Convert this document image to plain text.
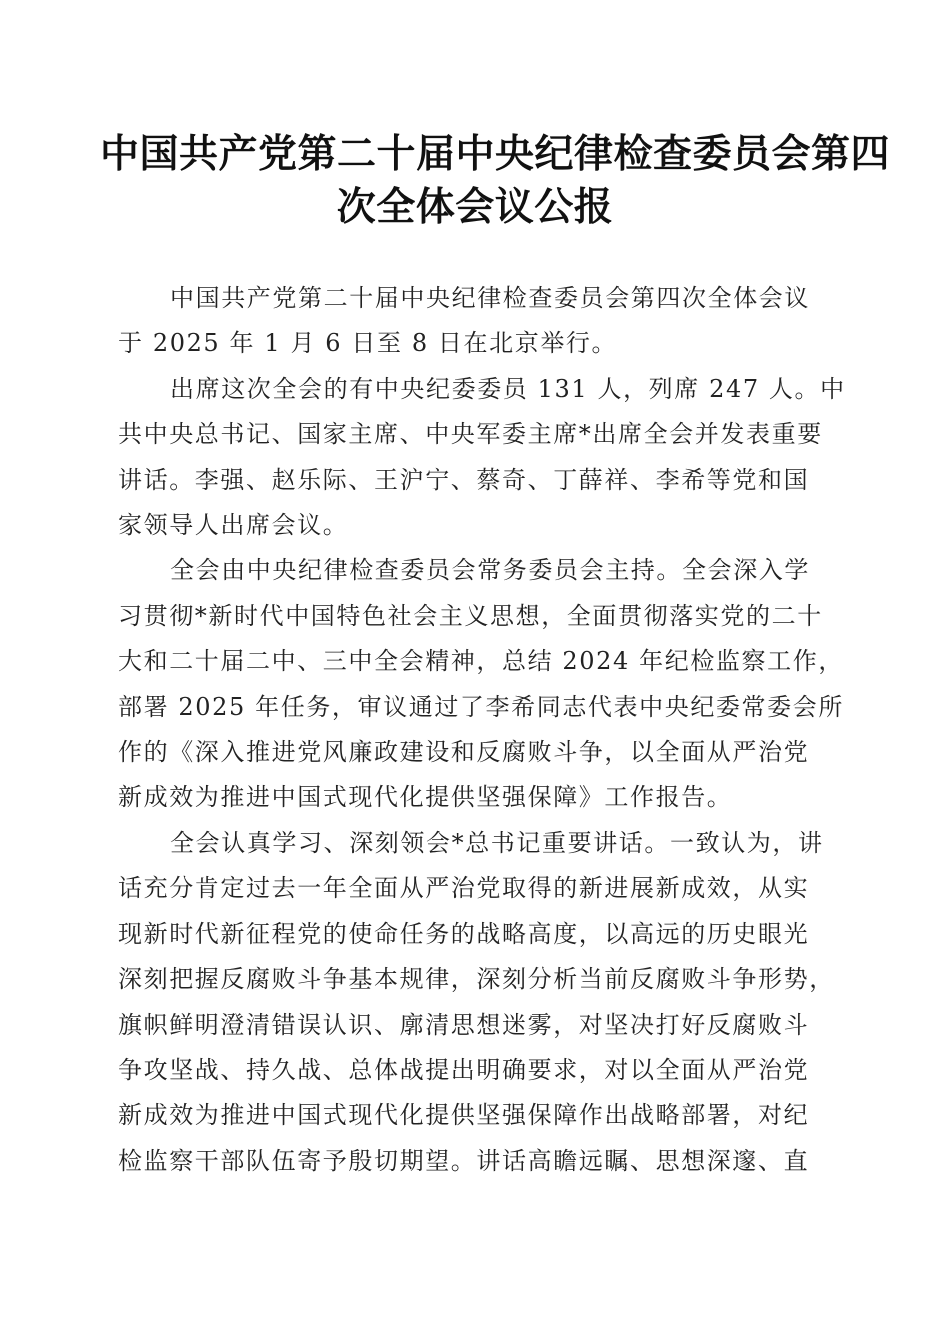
中国共产党第二十届中央纪律检查委员会第四
次全体会议公报

中国共产党第二十届中央纪律检查委员会第四次全体会议
于 2025 年 1 月 6 日至 8 日在北京举行。

出席这次全会的有中央纪委委员 131 人，列席 247 人。中
共中央总书记、国家主席、中央军委主席*出席全会并发表重要
讲话。李强、赵乐际、王沪宁、蔡奇、丁薛祥、李希等党和国
家领导人出席会议。

全会由中央纪律检查委员会常务委员会主持。全会深入学
习贯彻*新时代中国特色社会主义思想，全面贯彻落实党的二十
大和二十届二中、三中全会精神，总结 2024 年纪检监察工作，
部署 2025 年任务，审议通过了李希同志代表中央纪委常委会所
作的《深入推进党风廉政建设和反腐败斗争，以全面从严治党
新成效为推进中国式现代化提供坚强保障》工作报告。

全会认真学习、深刻领会*总书记重要讲话。一致认为，讲
话充分肯定过去一年全面从严治党取得的新进展新成效，从实
现新时代新征程党的使命任务的战略高度，以高远的历史眼光
深刻把握反腐败斗争基本规律，深刻分析当前反腐败斗争形势，
旗帜鲜明澄清错误认识、廓清思想迷雾，对坚决打好反腐败斗
争攻坚战、持久战、总体战提出明确要求，对以全面从严治党
新成效为推进中国式现代化提供坚强保障作出战略部署，对纪
检监察干部队伍寄予殷切期望。讲话高瞻远瞩、思想深邃、直
